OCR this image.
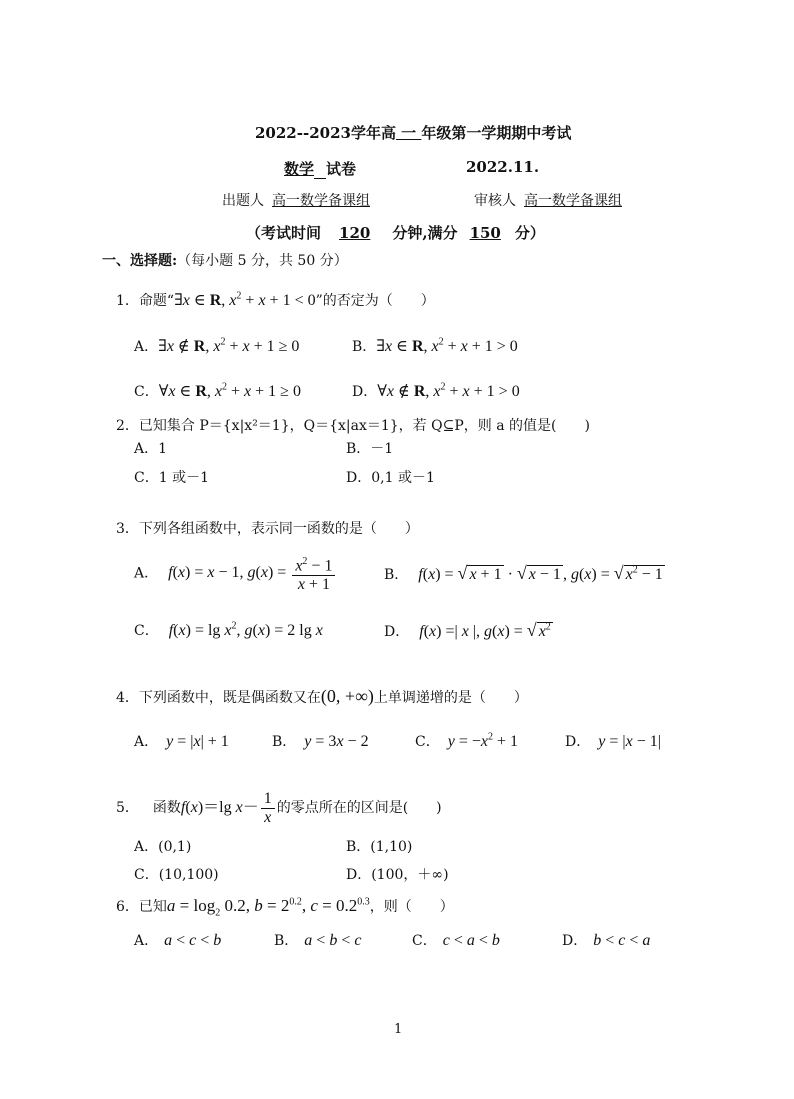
2022--2023学年高 一 年级第一学期期中考试
数学 试卷	2022.11.
出题人 高一数学备课组	审核人 高一数学备课组
（考试时间 120 分钟,满分 150 分）
一、选择题:（每小题 5 分，共 50 分）
1．命题“∃x ∈ R, $x^2 + x + 1 < 0$”的否定为（　　）
A．∃x ∉ R, $x^2 + x + 1 \ge 0$	B．∃x ∈ R, $x^2 + x + 1 > 0$
C．∀x ∈ R, $x^2 + x + 1 \ge 0$	D．∀x ∉ R, $x^2 + x + 1 > 0$
2．已知集合 P＝{x|x²＝1}，Q＝{x|ax＝1}，若 Q⊆P，则 a 的值是(　　)
A．1	B．－1
C．1 或－1	D．0,1 或－1
3．下列各组函数中，表示同一函数的是（　　）
A． f(x) = x − 1, $g(x) = \frac{x^2 - 1}{x + 1}$	B． f(x) = √ x + 1 · √ x − 1 , g(x) = √ $x^2 - 1$
C． $f(x) = \lg x^2$, g(x) = 2 lg x	D． f(x) =| x |, g(x) = √ $x^2$
4．下列函数中，既是偶函数又在(0, +∞)上单调递增的是（　　）
A． y = |x| + 1	B． y = 3x − 2	C． $y = -x^2 + 1$	D． y = |x − 1|
5． 函数f(x)＝lg $x- \frac{1}{x}$ 的零点所在的区间是(　　)
A．(0,1)	B．(1,10)
C．(10,100)	D．(100，＋∞)
6．已知$a = \log_2 0.2$, $b = 2^{0.2}$, $c = 0.2^{0.3}$，则（　　）
A． a < c < b	B． a < b < c	C． c < a < b	D． b < c < a
1
